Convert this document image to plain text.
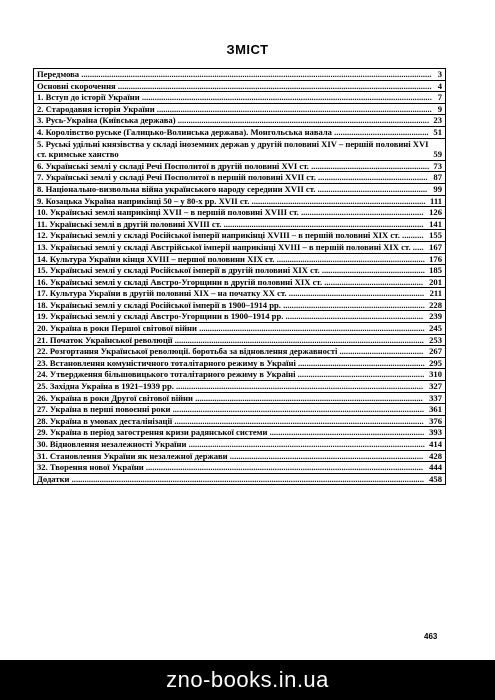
ЗМІСТ
Передмова ................................................................................................................................................................... 3
Основні скорочення .................................................................................................................................................. 4
1. Вступ до історії України ....................................................................................................................................... 7
2. Стародавня історія України ................................................................................................................................ 9
3. Русь-Україна (Київська держава) ..................................................................................................................... 23
4. Королівство руське (Галицько-Волинська держава). Монгольська навала ............................................ 51
5. Руські удільні князівства у складі іноземних держав у другій половині XIV – першій половині XVI ст. кримське ханство	59
6. Українські землі у складі Речі Посполитої в другій половині XVI ст. ....................................................... 73
7. Українські землі у складі Речі Посполитої в першій половині XVII ст. ................................................... 87
8. Національно-визвольна війна українського народу середини XVII ст. ................................................... 99
9. Козацька Україна наприкінці 50 – у 80-х рр. XVII ст. ................................................................................. 111
10. Українські землі наприкінці XVII – в першій половині XVIII ст. ......................................................... 126
11. Українські землі в другій половині XVIII ст. ............................................................................................. 141
12. Українські землі у складі Російської імперії наприкінці XVIII – в першій половині XIX ст. .......... 155
13. Українські землі у складі Австрійської імперії наприкінці XVIII – в першій половині XIX ст. ..... 167
14. Культура України кінця XVIII – першої половини XIX ст. ..................................................................... 176
15. Українські землі у складі Російської імперії в другій половині XIX ст. ................................................ 185
16. Українські землі у складі Австро-Угорщини в другій половині XIX ст. .............................................. 201
17. Культура України в другій половині XIX – на початку XX ст. ............................................................... 211
18. Українські землі у складі Російської імперії в 1900–1914 рр. .................................................................. 228
19. Українські землі у складі Австро-Угорщини в 1900–1914 рр. ................................................................ 239
20. Україна в роки Першої світової війни ......................................................................................................... 245
21. Початок Української революції .................................................................................................................... 253
22. Розгортання Української революції. боротьба за відновлення державності ....................................... 267
23. Встановлення комуністичного тоталітарного режиму в Україні ........................................................... 295
24. Утвердження більшовицького тоталітарного режиму в Україні ........................................................... 310
25. Західна Україна в 1921–1939 рр. ................................................................................................................... 327
26. Україна в роки Другої світової війни .......................................................................................................... 337
27. Україна в перші повоєнні роки ..................................................................................................................... 361
28. Україна в умовах десталінізації .................................................................................................................... 376
29. Україна в період загострення кризи радянської системи ........................................................................ 393
30. Відновлення незалежності України .............................................................................................................. 414
31. Становлення України як незалежної держави .......................................................................................... 428
32. Творення нової України ................................................................................................................................. 444
Додатки .................................................................................................................................................................... 458
463
zno-books.in.ua
